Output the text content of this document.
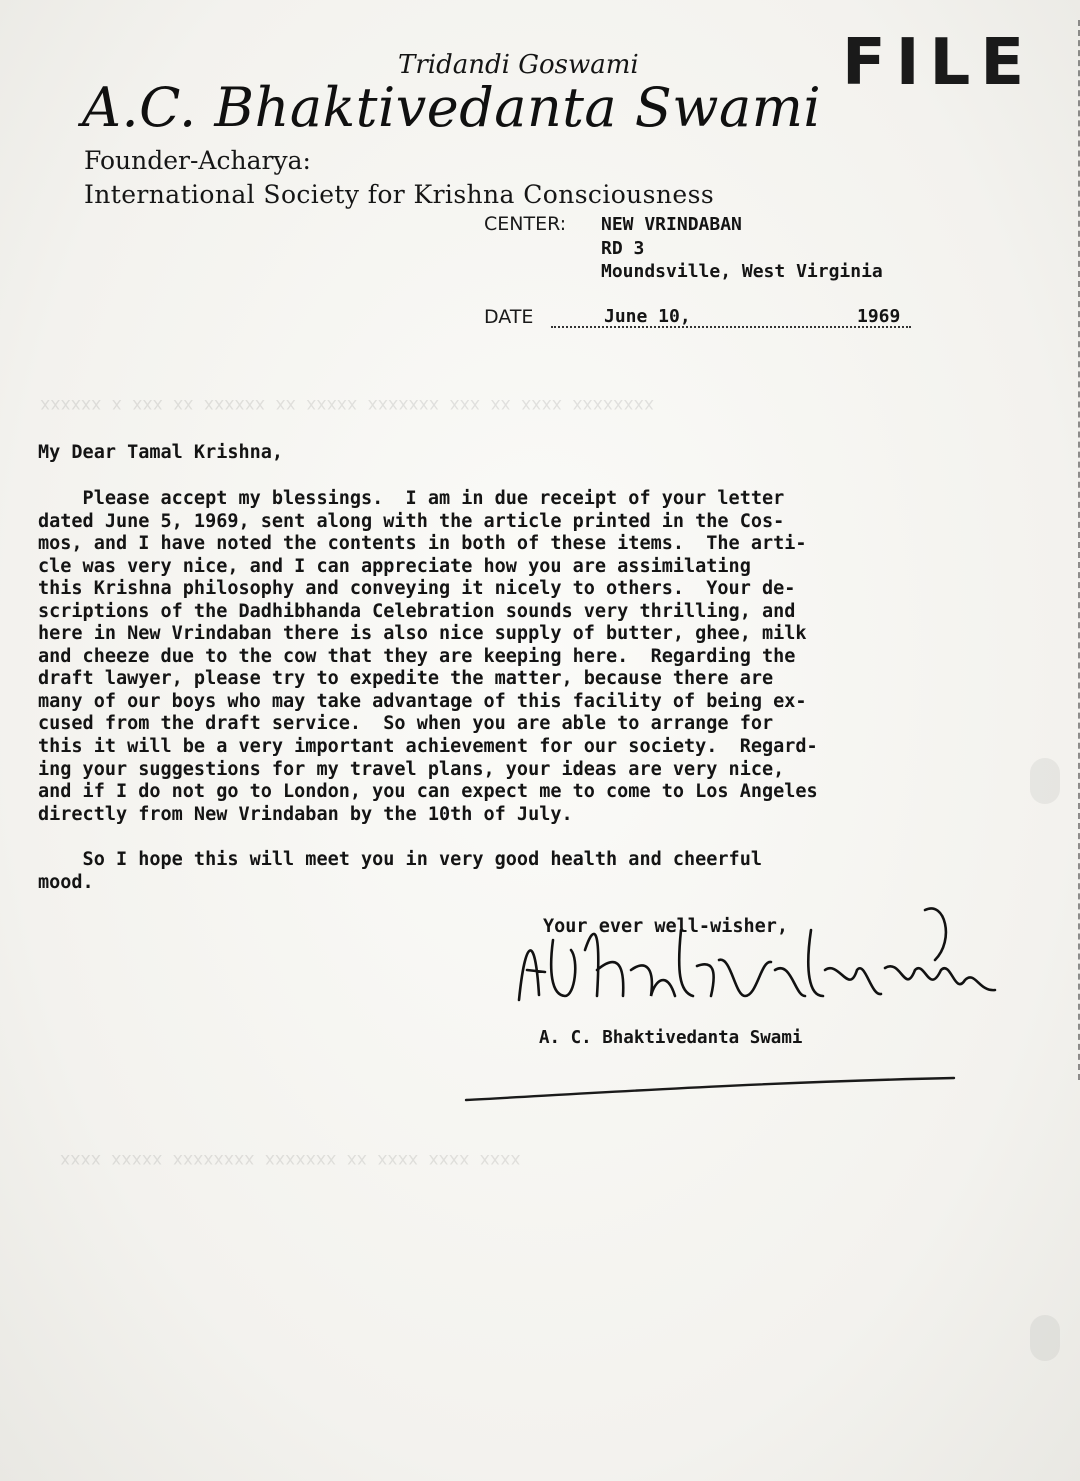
xxxxxxxx xxxx xx xxx xxxxxxx xxxxx xx xxxxxx xx xxx x xxxxxx
xxxx xxxx xxxx xx xxxxxxx xxxxxxxx xxxxx xxxx
FILE
Tridandi Goswami
A.C. Bhaktivedanta Swami
Founder-Acharya:
International Society for Krishna Consciousness
CENTER: NEW VRINDABAN
RD 3
Moundsville, West Virginia
DATE	June 10,	1969
My Dear Tamal Krishna,
Please accept my blessings.  I am in due receipt of your letter
dated June 5, 1969, sent along with the article printed in the Cos-
mos, and I have noted the contents in both of these items.  The arti-
cle was very nice, and I can appreciate how you are assimilating
this Krishna philosophy and conveying it nicely to others.  Your de-
scriptions of the Dadhibhanda Celebration sounds very thrilling, and
here in New Vrindaban there is also nice supply of butter, ghee, milk
and cheeze due to the cow that they are keeping here.  Regarding the
draft lawyer, please try to expedite the matter, because there are
many of our boys who may take advantage of this facility of being ex-
cused from the draft service.  So when you are able to arrange for
this it will be a very important achievement for our society.  Regard-
ing your suggestions for my travel plans, your ideas are very nice,
and if I do not go to London, you can expect me to come to Los Angeles
directly from New Vrindaban by the 10th of July.
So I hope this will meet you in very good health and cheerful
mood.
Your ever well-wisher,
A. C. Bhaktivedanta Swami
